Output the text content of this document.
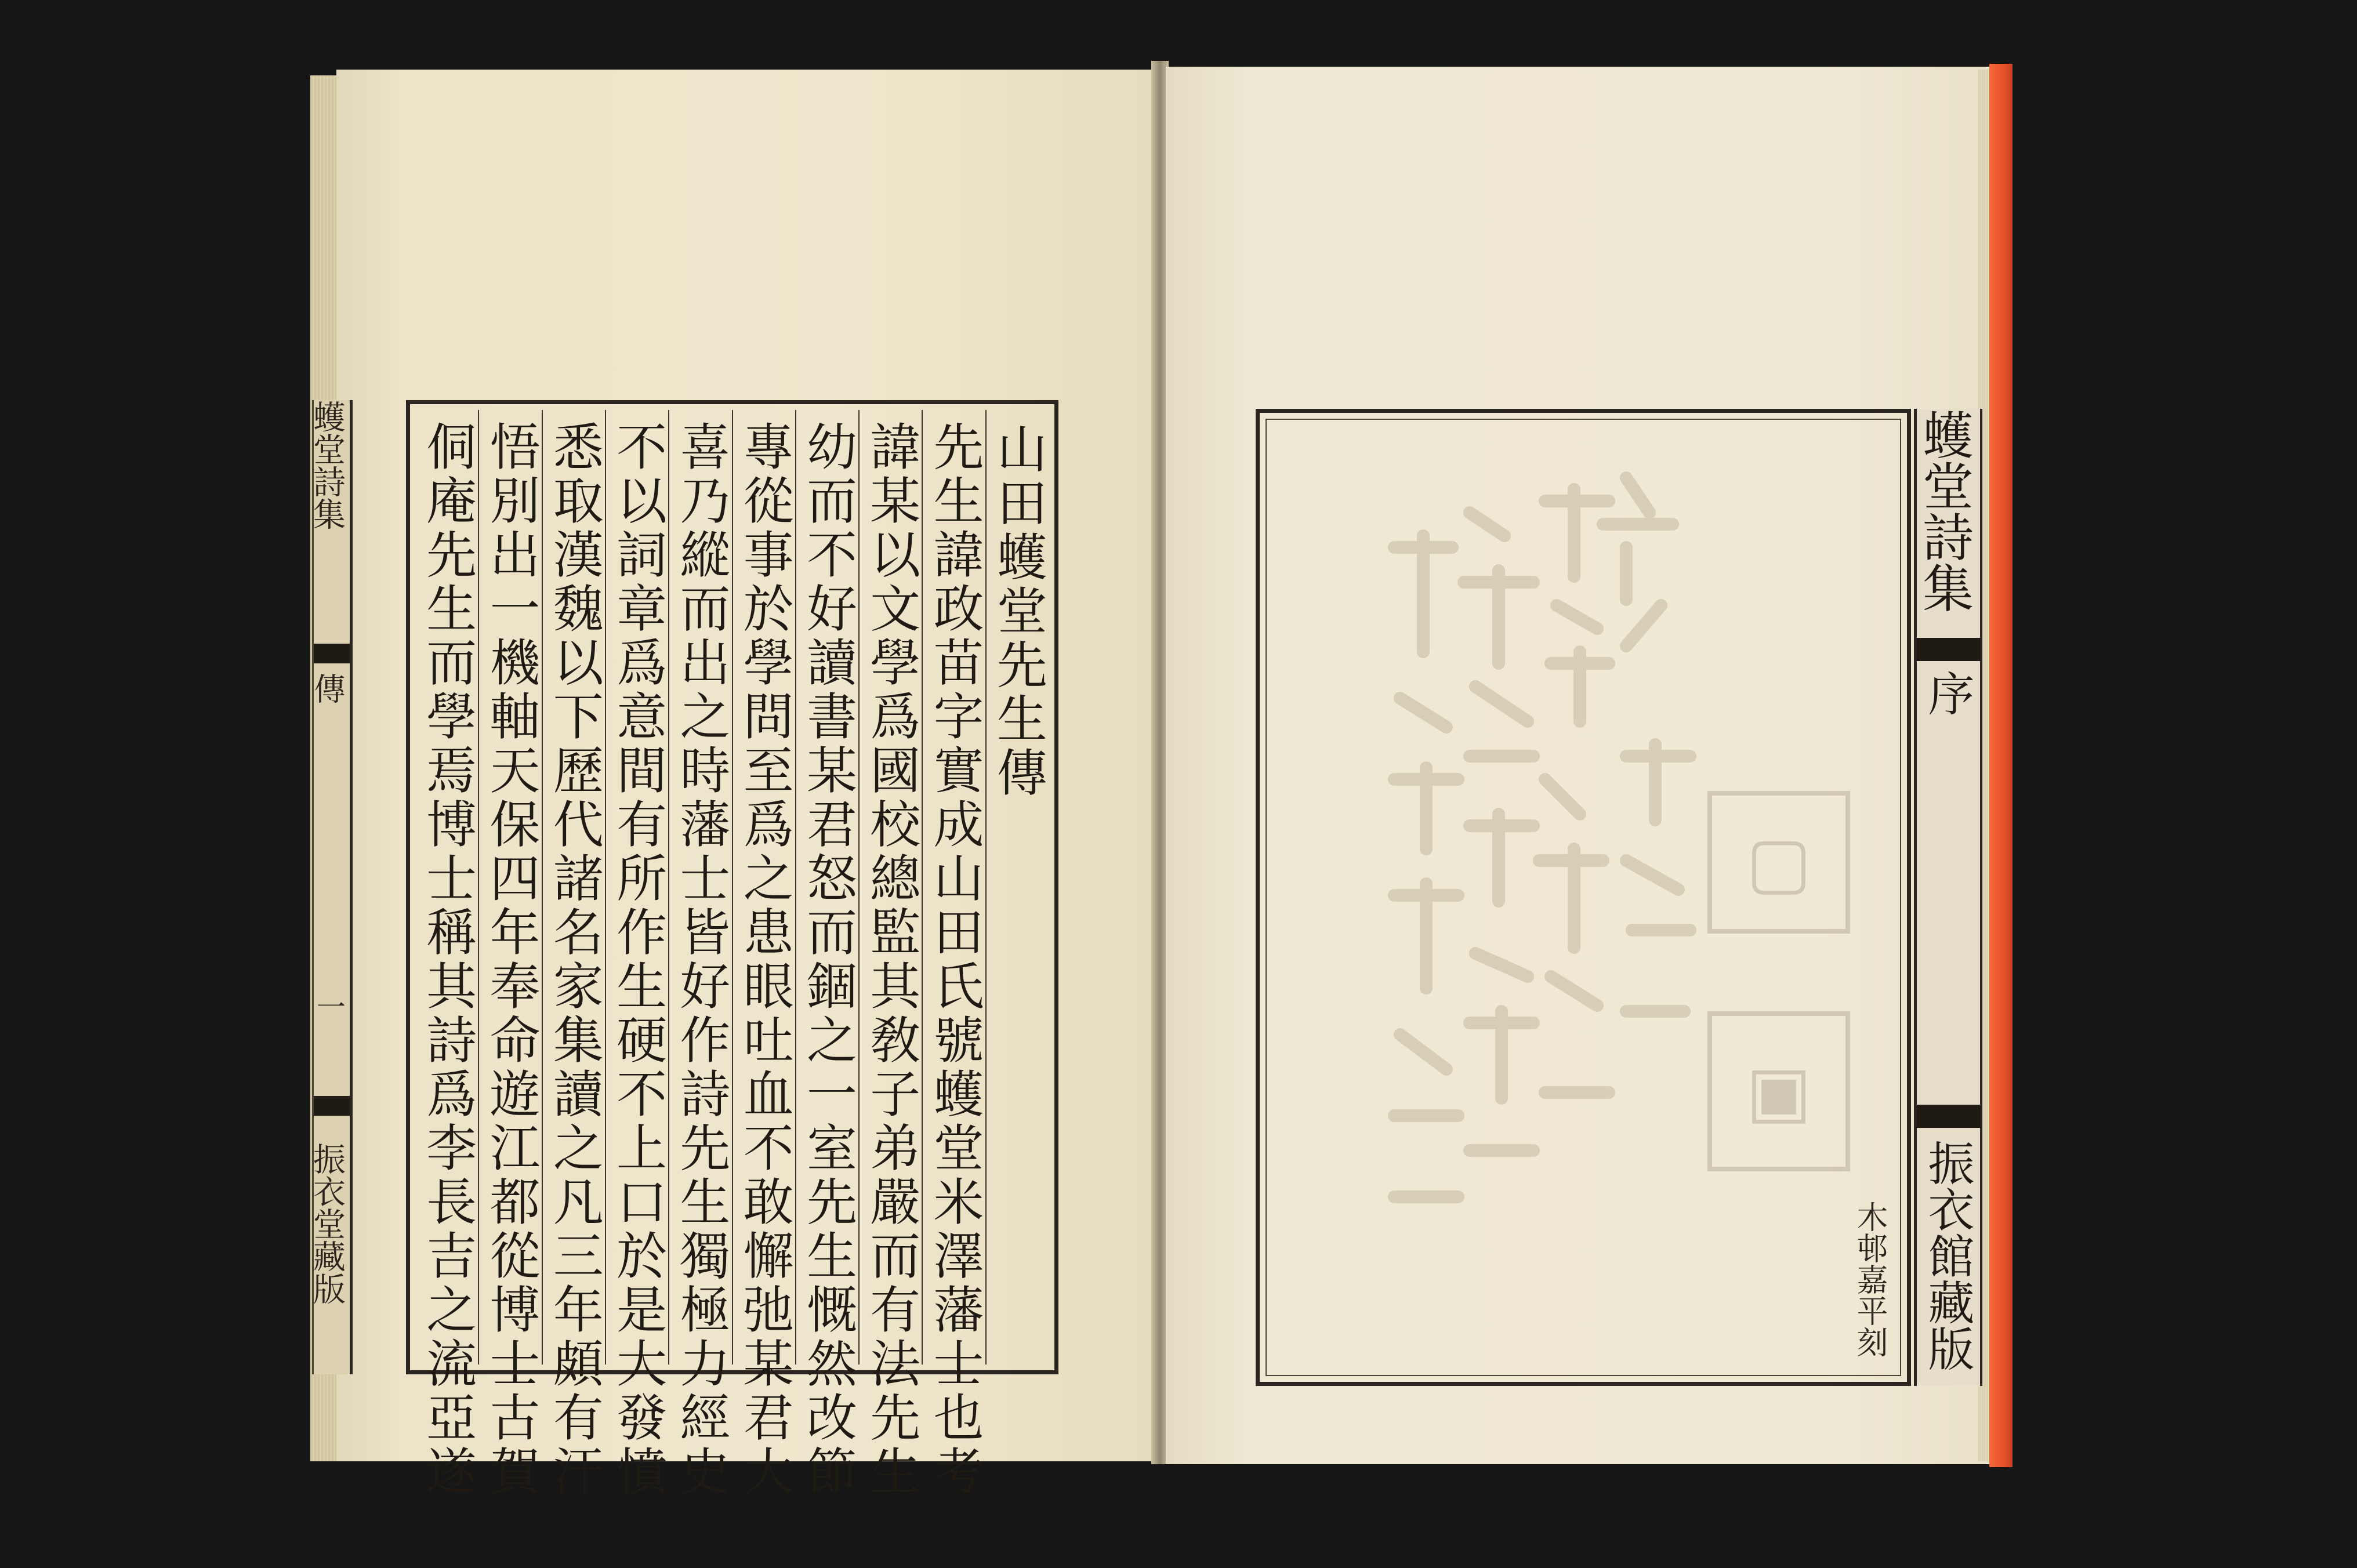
蠖堂詩集
傳
一
振衣堂藏版
山田蠖堂先生傳
先生諱政苗字實成山田氏號蠖堂米澤藩士也考
諱某以文學爲國校總監其敎子弟嚴而有法先生
幼而不好讀書某君怒而錮之一室先生慨然改節
專從事於學問至爲之患眼吐血不敢懈弛某君大
喜乃縱而出之時藩士皆好作詩先生獨極力經史
不以詞章爲意間有所作生硬不上口於是大發憤
悉取漢魏以下歷代諸名家集讀之凡三年頗有汗
悟別出一機軸天保四年奉命遊江都從博士古賀
侗庵先生而學焉博士稱其詩爲李長吉之流亞遂	▢
▣
木邨嘉平刻
蠖堂詩集
序
振衣館藏版
